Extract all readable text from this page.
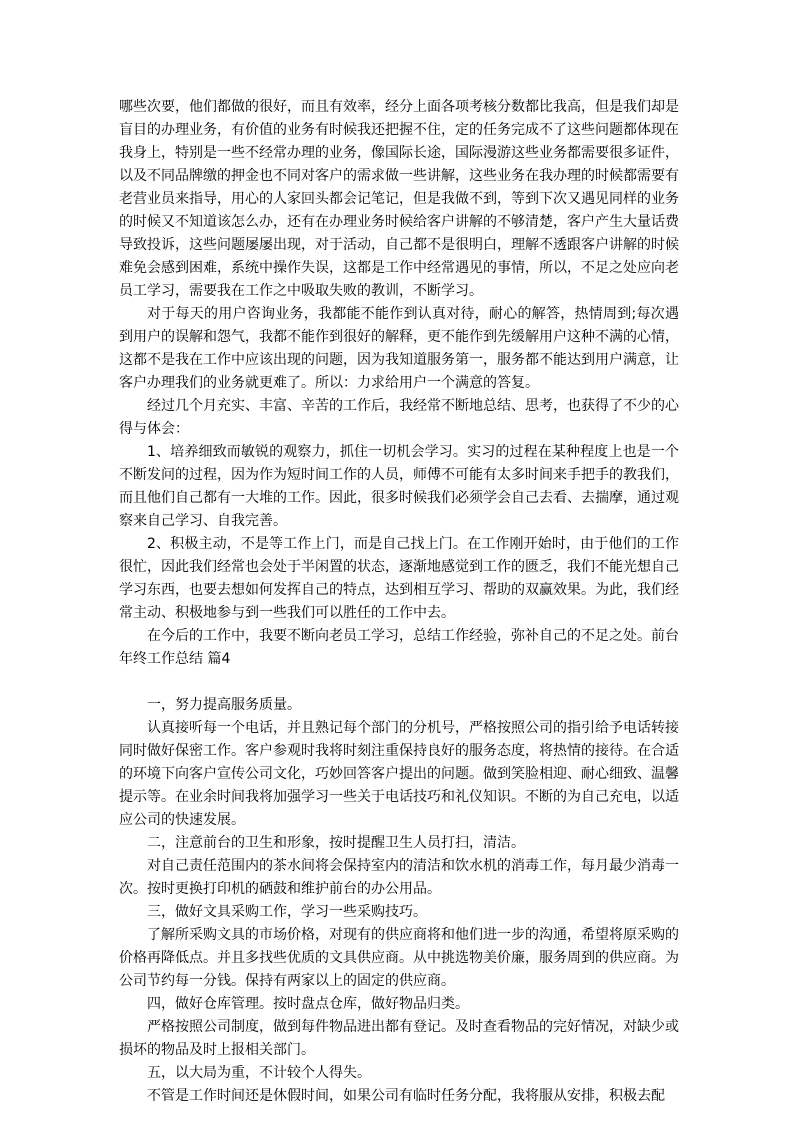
哪些次要，他们都做的很好，而且有效率，经分上面各项考核分数都比我高，但是我们却是盲目的办理业务，有价值的业务有时候我还把握不住，定的任务完成不了这些问题都体现在我身上，特别是一些不经常办理的业务，像国际长途，国际漫游这些业务都需要很多证件，以及不同品牌缴的押金也不同对客户的需求做一些讲解，这些业务在我办理的时候都需要有老营业员来指导，用心的人家回头都会记笔记，但是我做不到，等到下次又遇见同样的业务的时候又不知道该怎么办，还有在办理业务时候给客户讲解的不够清楚，客户产生大量话费导致投诉，这些问题屡屡出现，对于活动，自己都不是很明白，理解不透跟客户讲解的时候难免会感到困难，系统中操作失误，这都是工作中经常遇见的事情，所以，不足之处应向老员工学习，需要我在工作之中吸取失败的教训，不断学习。

对于每天的用户咨询业务，我都能不能作到认真对待，耐心的解答，热情周到;每次遇到用户的误解和怨气，我都不能作到很好的解释，更不能作到先缓解用户这种不满的心情，这都不是我在工作中应该出现的问题，因为我知道服务第一，服务都不能达到用户满意，让客户办理我们的业务就更难了。所以：力求给用户一个满意的答复。

经过几个月充实、丰富、辛苦的工作后，我经常不断地总结、思考，也获得了不少的心得与体会：

1、培养细致而敏锐的观察力，抓住一切机会学习。实习的过程在某种程度上也是一个不断发问的过程，因为作为短时间工作的人员，师傅不可能有太多时间来手把手的教我们，而且他们自己都有一大堆的工作。因此，很多时候我们必须学会自己去看、去揣摩，通过观察来自己学习、自我完善。

2、积极主动，不是等工作上门，而是自己找上门。在工作刚开始时，由于他们的工作很忙，因此我们经常也会处于半闲置的状态，逐渐地感觉到工作的匮乏，我们不能光想自己学习东西，也要去想如何发挥自己的特点，达到相互学习、帮助的双赢效果。为此，我们经常主动、积极地参与到一些我们可以胜任的工作中去。

在今后的工作中，我要不断向老员工学习，总结工作经验，弥补自己的不足之处。前台年终工作总结 篇4

一，努力提高服务质量。

认真接听每一个电话，并且熟记每个部门的分机号，严格按照公司的指引给予电话转接同时做好保密工作。客户参观时我将时刻注重保持良好的服务态度，将热情的接待。在合适的环境下向客户宣传公司文化，巧妙回答客户提出的问题。做到笑脸相迎、耐心细致、温馨提示等。在业余时间我将加强学习一些关于电话技巧和礼仪知识。不断的为自己充电，以适应公司的快速发展。

二，注意前台的卫生和形象，按时提醒卫生人员打扫，清洁。

对自己责任范围内的茶水间将会保持室内的清洁和饮水机的消毒工作，每月最少消毒一次。按时更换打印机的硒鼓和维护前台的办公用品。

三，做好文具采购工作，学习一些采购技巧。

了解所采购文具的市场价格，对现有的供应商将和他们进一步的沟通，希望将原采购的价格再降低点。并且多找些优质的文具供应商。从中挑选物美价廉，服务周到的供应商。为公司节约每一分钱。保持有两家以上的固定的供应商。

四，做好仓库管理。按时盘点仓库，做好物品归类。

严格按照公司制度，做到每件物品进出都有登记。及时查看物品的完好情况，对缺少或损坏的物品及时上报相关部门。

五，以大局为重，不计较个人得失。

不管是工作时间还是休假时间，如果公司有临时任务分配，我将服从安排，积极去配
